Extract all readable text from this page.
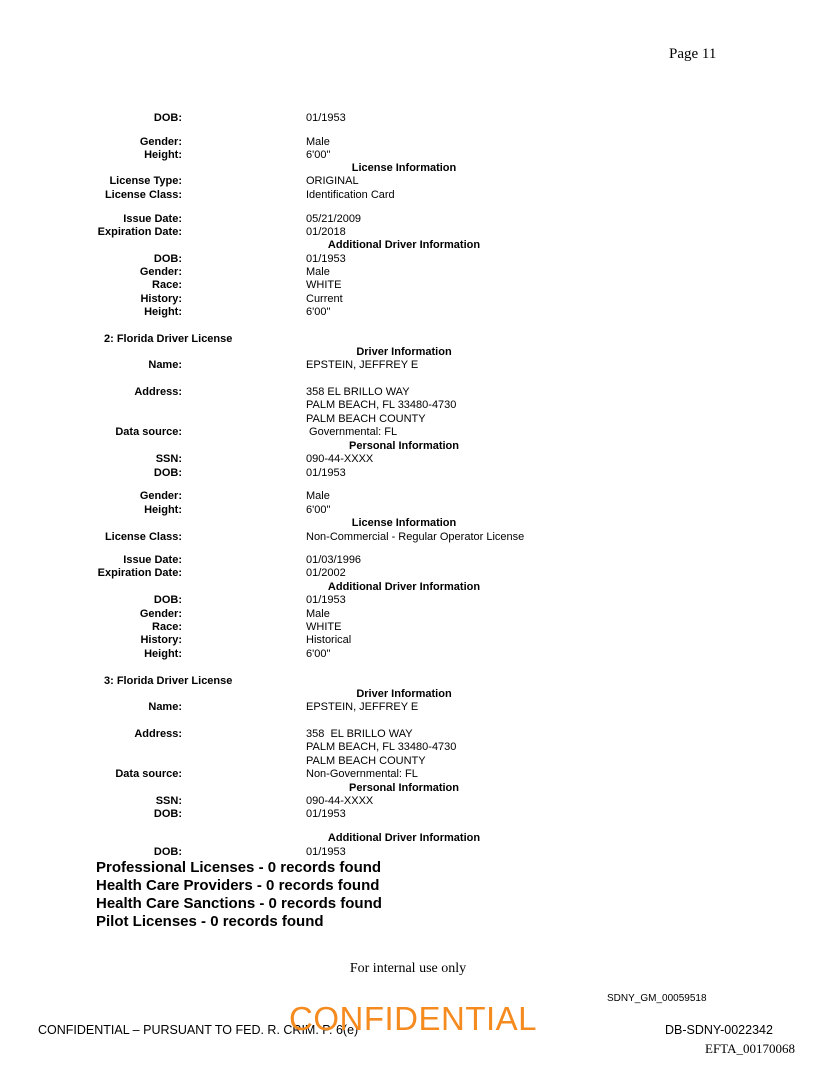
Page 11
DOB:	01/1953
Gender:	Male
Height:	6'00"
License Information
License Type:	ORIGINAL
License Class:	Identification Card
Issue Date:	05/21/2009
Expiration Date:	01/2018
Additional Driver Information
DOB:	01/1953
Gender:	Male
Race:	WHITE
History:	Current
Height:	6'00"
2: Florida Driver License
Driver Information
Name:	EPSTEIN, JEFFREY E
Address:	358 EL BRILLO WAY
PALM BEACH, FL 33480-4730
PALM BEACH COUNTY
Data source:	Governmental: FL
Personal Information
SSN:	090-44-XXXX
DOB:	01/1953
Gender:	Male
Height:	6'00"
License Information
License Class:	Non-Commercial - Regular Operator License
Issue Date:	01/03/1996
Expiration Date:	01/2002
Additional Driver Information
DOB:	01/1953
Gender:	Male
Race:	WHITE
History:	Historical
Height:	6'00"
3: Florida Driver License
Driver Information
Name:	EPSTEIN, JEFFREY E
Address:	358  EL BRILLO WAY
PALM BEACH, FL 33480-4730
PALM BEACH COUNTY
Data source:	Non-Governmental: FL
Personal Information
SSN:	090-44-XXXX
DOB:	01/1953
Additional Driver Information
DOB:	01/1953
Professional Licenses - 0 records found
Health Care Providers - 0 records found
Health Care Sanctions - 0 records found
Pilot Licenses - 0 records found
For internal use only
SDNY_GM_00059518
CONFIDENTIAL – PURSUANT TO FED. R. CRIM. P. 6(e)
CONFIDENTIAL	DB-SDNY-0022342
EFTA_00170068
